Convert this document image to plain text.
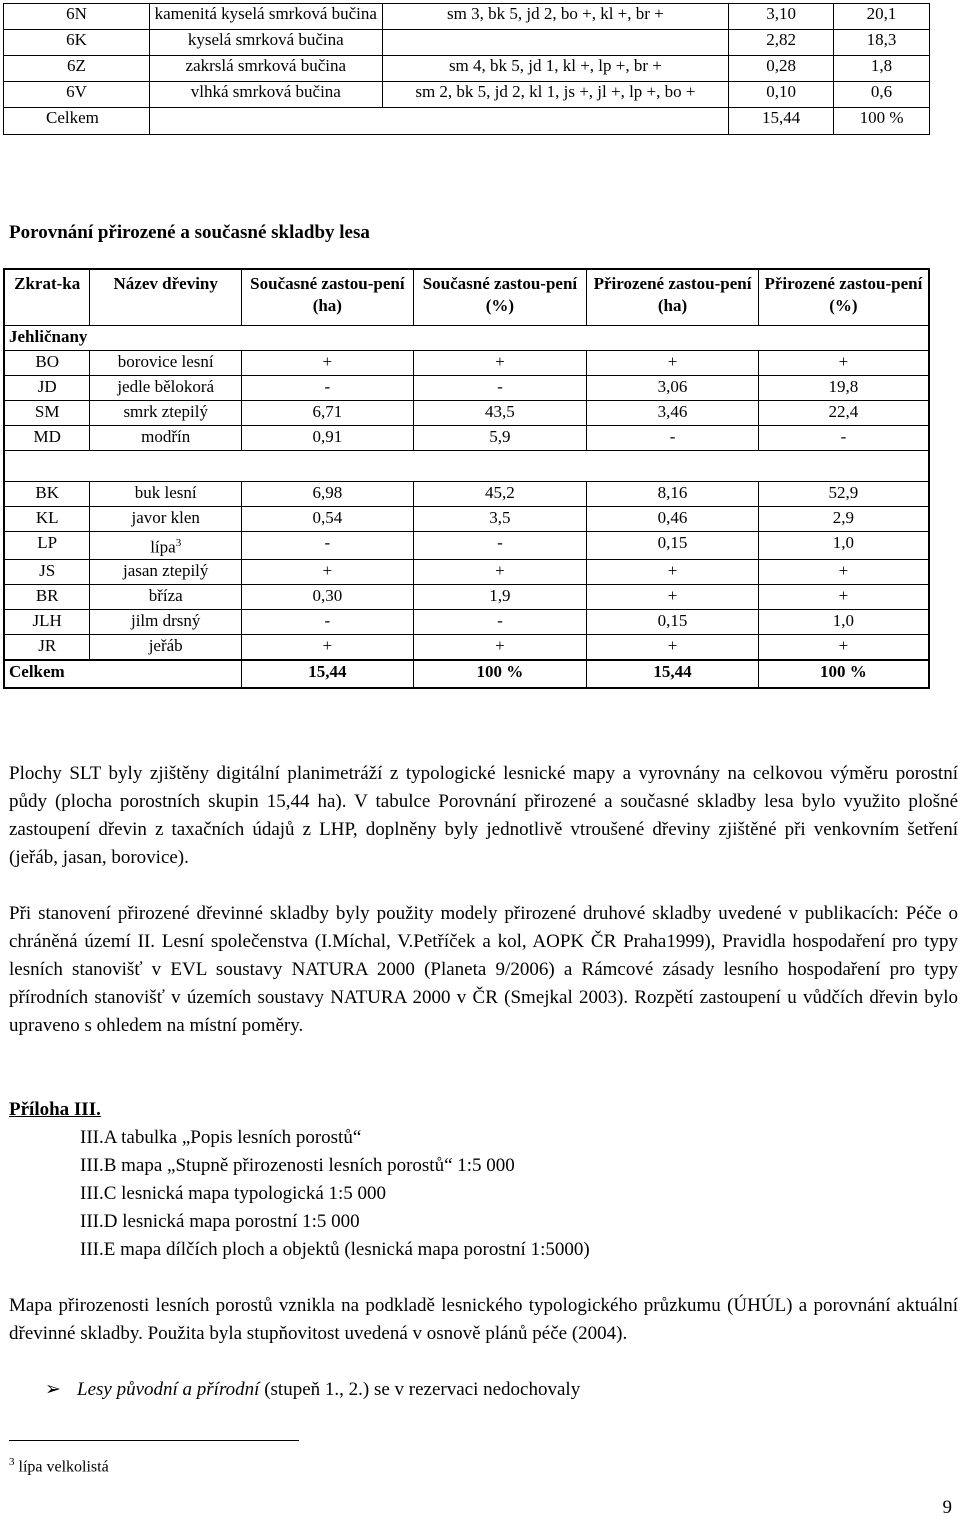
6N	kamenitá kyselá smrková bučina	sm 3, bk 5, jd 2, bo +, kl +, br +	3,10	20,1
6K	kyselá smrková bučina		2,82	18,3
6Z	zakrslá smrková bučina	sm 4, bk 5, jd 1, kl +, lp +, br +	0,28	1,8
6V	vlhká smrková bučina	sm 2, bk 5, jd 2, kl 1, js +, jl +, lp +, bo +	0,10	0,6
Celkem			15,44	100 %
Porovnání přirozené a současné skladby lesa
Zkrat-ka	Název dřeviny	Současné zastou-pení (ha)	Současné zastou-pení (%)	Přirozené zastou-pení (ha)	Přirozené zastou-pení (%)
Jehličnany					
BO	borovice lesní	+	+	+	+
JD	jedle bělokorá	-	-	3,06	19,8
SM	smrk ztepilý	6,71	43,5	3,46	22,4
MD	modřín	0,91	5,9	-	-

BK	buk lesní	6,98	45,2	8,16	52,9
KL	javor klen	0,54	3,5	0,46	2,9
LP	lípa$^3$	-	-	0,15	1,0
JS	jasan ztepilý	+	+	+	+
BR	bříza	0,30	1,9	+	+
JLH	jilm drsný	-	-	0,15	1,0
JR	jeřáb	+	+	+	+
Celkem		15,44	100 %	15,44	100 %

Plochy SLT byly zjištěny digitální planimetráží z typologické lesnické mapy a vyrovnány na celkovou výměru porostní půdy (plocha porostních skupin 15,44 ha). V tabulce Porovnání přirozené a současné skladby lesa bylo využito plošné zastoupení dřevin z taxačních údajů z LHP, doplněny byly jednotlivě vtroušené dřeviny zjištěné při venkovním šetření (jeřáb, jasan, borovice).

Při stanovení přirozené dřevinné skladby byly použity modely přirozené druhové skladby uvedené v publikacích: Péče o chráněná území II. Lesní společenstva (I.Míchal, V.Petříček a kol, AOPK ČR Praha1999), Pravidla hospodaření pro typy lesních stanovišť v EVL soustavy NATURA 2000 (Planeta 9/2006) a Rámcové zásady lesního hospodaření pro typy přírodních stanovišť v územích soustavy NATURA 2000 v ČR (Smejkal 2003). Rozpětí zastoupení u vůdčích dřevin bylo upraveno s ohledem na místní poměry.

Příloha III.
III.A tabulka „Popis lesních porostů“
III.B mapa „Stupně přirozenosti lesních porostů“ 1:5 000
III.C lesnická mapa typologická 1:5 000
III.D lesnická mapa porostní 1:5 000
III.E mapa dílčích ploch a objektů (lesnická mapa porostní 1:5000)

Mapa přirozenosti lesních porostů vznikla na podkladě lesnického typologického průzkumu (ÚHÚL) a porovnání aktuální dřevinné skladby. Použita byla stupňovitost uvedená v osnově plánů péče (2004).

➢ Lesy původní a přírodní (stupeň 1., 2.) se v rezervaci nedochovaly

$^3$ lípa velkolistá

9
